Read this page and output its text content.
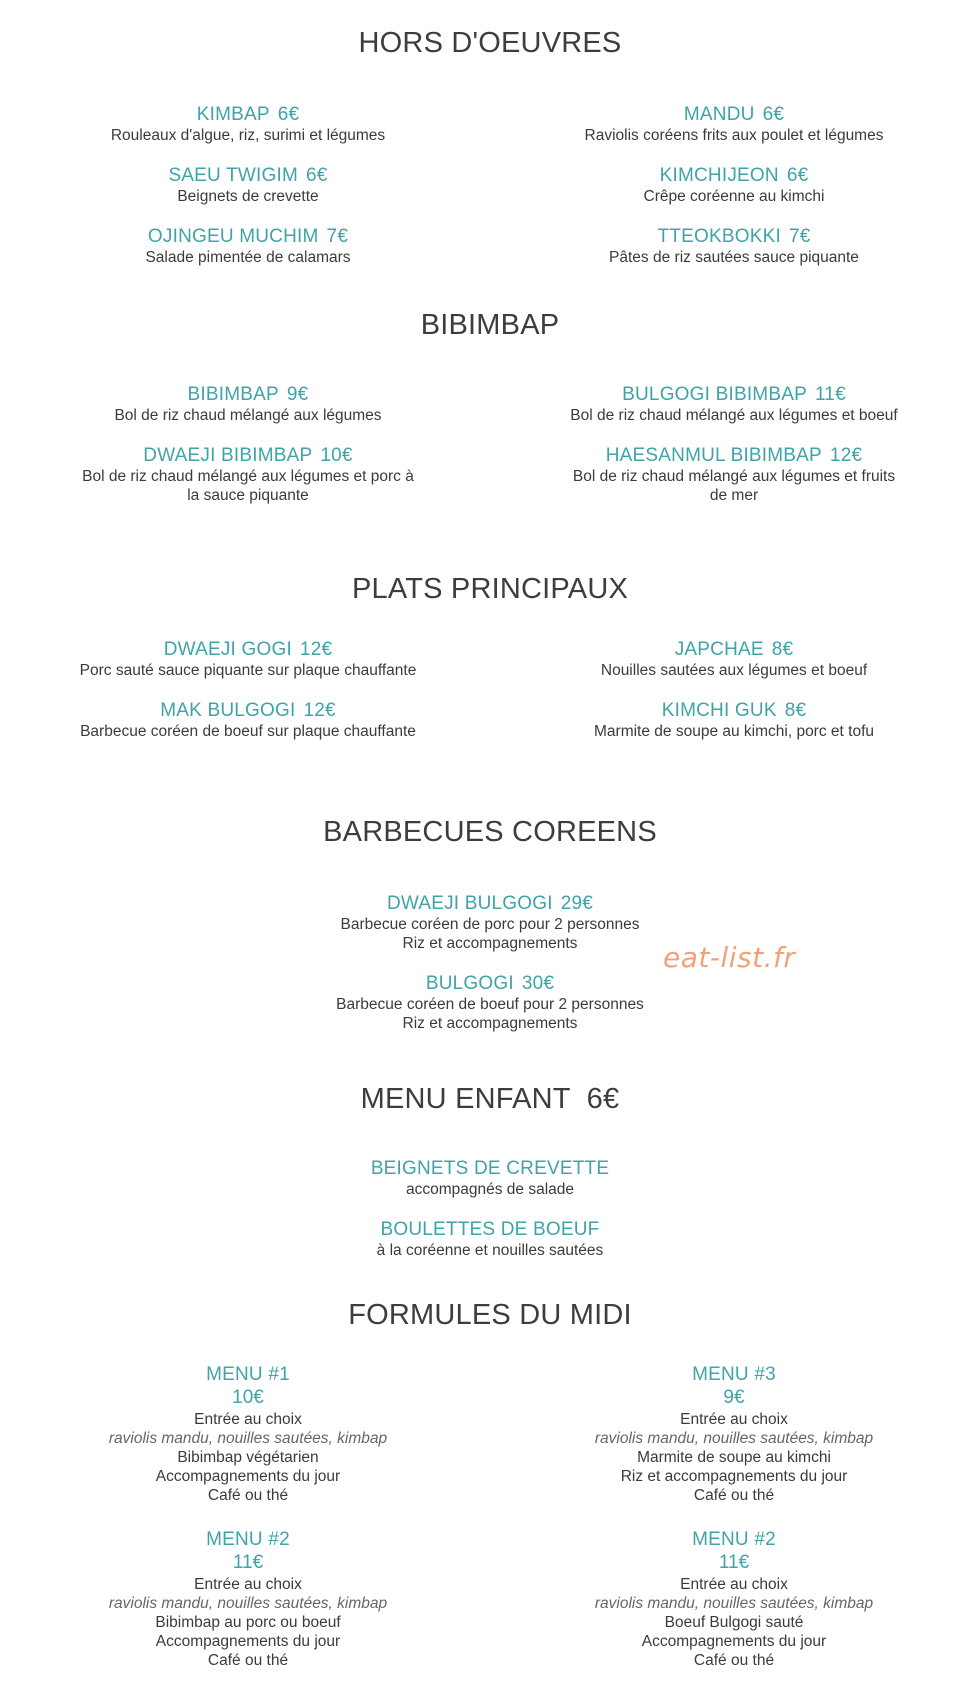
HORS D'OEUVRES
KIMBAP 6€
Rouleaux d'algue, riz, surimi et légumes
SAEU TWIGIM 6€
Beignets de crevette
OJINGEU MUCHIM 7€
Salade pimentée de calamars
MANDU 6€
Raviolis coréens frits aux poulet et légumes
KIMCHIJEON 6€
Crêpe coréenne au kimchi
TTEOKBOKKI 7€
Pâtes de riz sautées sauce piquante
BIBIMBAP
BIBIMBAP 9€
Bol de riz chaud mélangé aux légumes
DWAEJI BIBIMBAP 10€
Bol de riz chaud mélangé aux légumes et porc à la sauce piquante
BULGOGI BIBIMBAP 11€
Bol de riz chaud mélangé aux légumes et boeuf
HAESANMUL BIBIMBAP 12€
Bol de riz chaud mélangé aux légumes et fruits de mer
PLATS PRINCIPAUX
DWAEJI GOGI 12€
Porc sauté sauce piquante sur plaque chauffante
MAK BULGOGI 12€
Barbecue coréen de boeuf sur plaque chauffante
JAPCHAE 8€
Nouilles sautées aux légumes et boeuf
KIMCHI GUK 8€
Marmite de soupe au kimchi, porc et tofu
BARBECUES COREENS
DWAEJI BULGOGI 29€
Barbecue coréen de porc pour 2 personnes
Riz et accompagnements
BULGOGI 30€
Barbecue coréen de boeuf pour 2 personnes
Riz et accompagnements
eat-list.fr
MENU ENFANT  6€
BEIGNETS DE CREVETTE
accompagnés de salade
BOULETTES DE BOEUF
à la coréenne et nouilles sautées
FORMULES DU MIDI
MENU #1
10€
Entrée au choix
raviolis mandu, nouilles sautées, kimbap
Bibimbap végétarien
Accompagnements du jour
Café ou thé
MENU #2
11€
Entrée au choix
raviolis mandu, nouilles sautées, kimbap
Bibimbap au porc ou boeuf
Accompagnements du jour
Café ou thé
MENU #3
9€
Entrée au choix
raviolis mandu, nouilles sautées, kimbap
Marmite de soupe au kimchi
Riz et accompagnements du jour
Café ou thé
MENU #2
11€
Entrée au choix
raviolis mandu, nouilles sautées, kimbap
Boeuf Bulgogi sauté
Accompagnements du jour
Café ou thé
